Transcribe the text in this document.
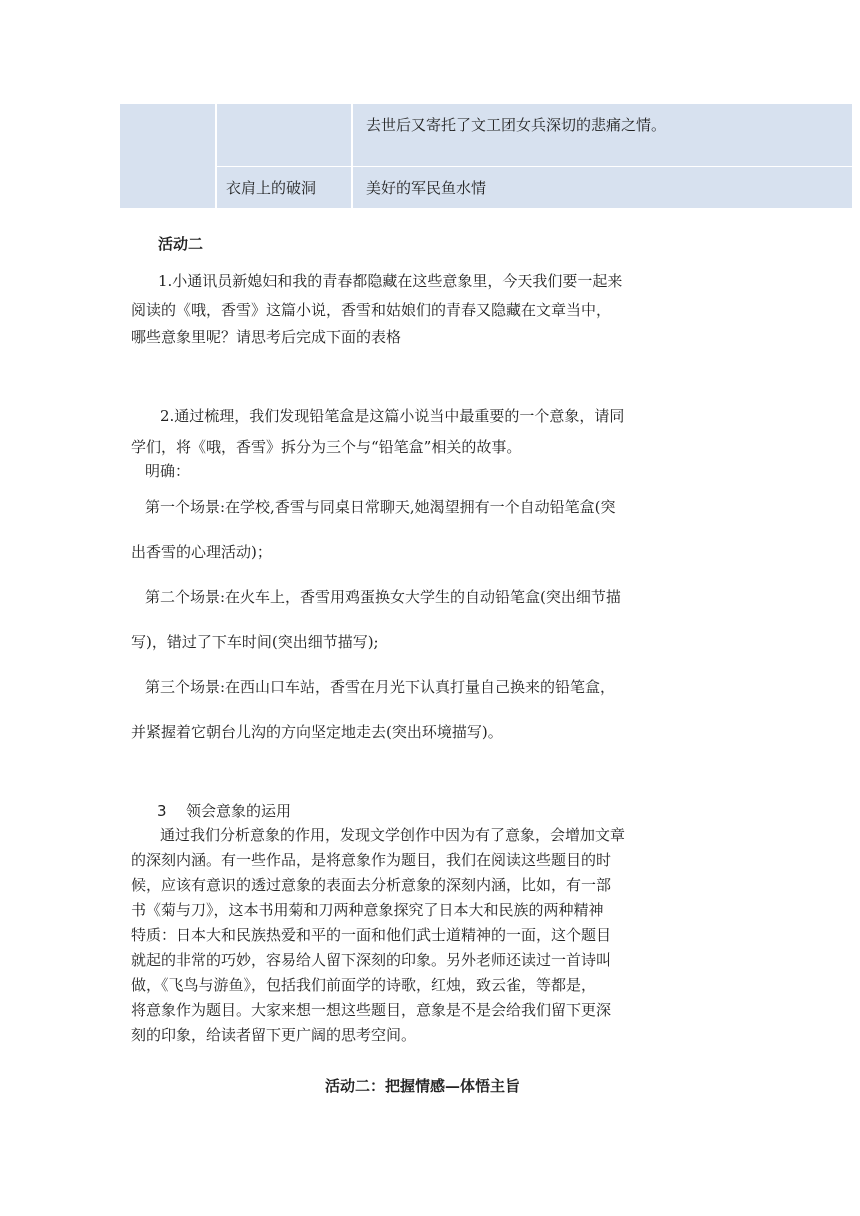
去世后又寄托了文工团女兵深切的悲痛之情。
衣肩上的破洞	美好的军民鱼水情
活动二
1.小通讯员新媳妇和我的青春都隐藏在这些意象里，今天我们要一起来
阅读的《哦，香雪》这篇小说，香雪和姑娘们的青春又隐藏在文章当中，
哪些意象里呢？请思考后完成下面的表格
2.通过梳理，我们发现铅笔盒是这篇小说当中最重要的一个意象，请同
学们，将《哦，香雪》拆分为三个与“铅笔盒”相关的故事。
明确：
第一个场景:在学校,香雪与同桌日常聊天,她渴望拥有一个自动铅笔盒(突
出香雪的心理活动)；
第二个场景:在火车上，香雪用鸡蛋换女大学生的自动铅笔盒(突出细节描
写)，错过了下车时间(突出细节描写);
第三个场景:在西山口车站，香雪在月光下认真打量自己换来的铅笔盒，
并紧握着它朝台儿沟的方向坚定地走去(突出环境描写)。
3 领会意象的运用
通过我们分析意象的作用，发现文学创作中因为有了意象，会增加文章
的深刻内涵。有一些作品，是将意象作为题目，我们在阅读这些题目的时
候，应该有意识的透过意象的表面去分析意象的深刻内涵，比如，有一部
书《菊与刀》，这本书用菊和刀两种意象探究了日本大和民族的两种精神
特质：日本大和民族热爱和平的一面和他们武士道精神的一面，这个题目
就起的非常的巧妙，容易给人留下深刻的印象。另外老师还读过一首诗叫
做，《飞鸟与游鱼》，包括我们前面学的诗歌，红烛，致云雀，等都是，
将意象作为题目。大家来想一想这些题目，意象是不是会给我们留下更深
刻的印象，给读者留下更广阔的思考空间。
活动二：把握情感—体悟主旨
